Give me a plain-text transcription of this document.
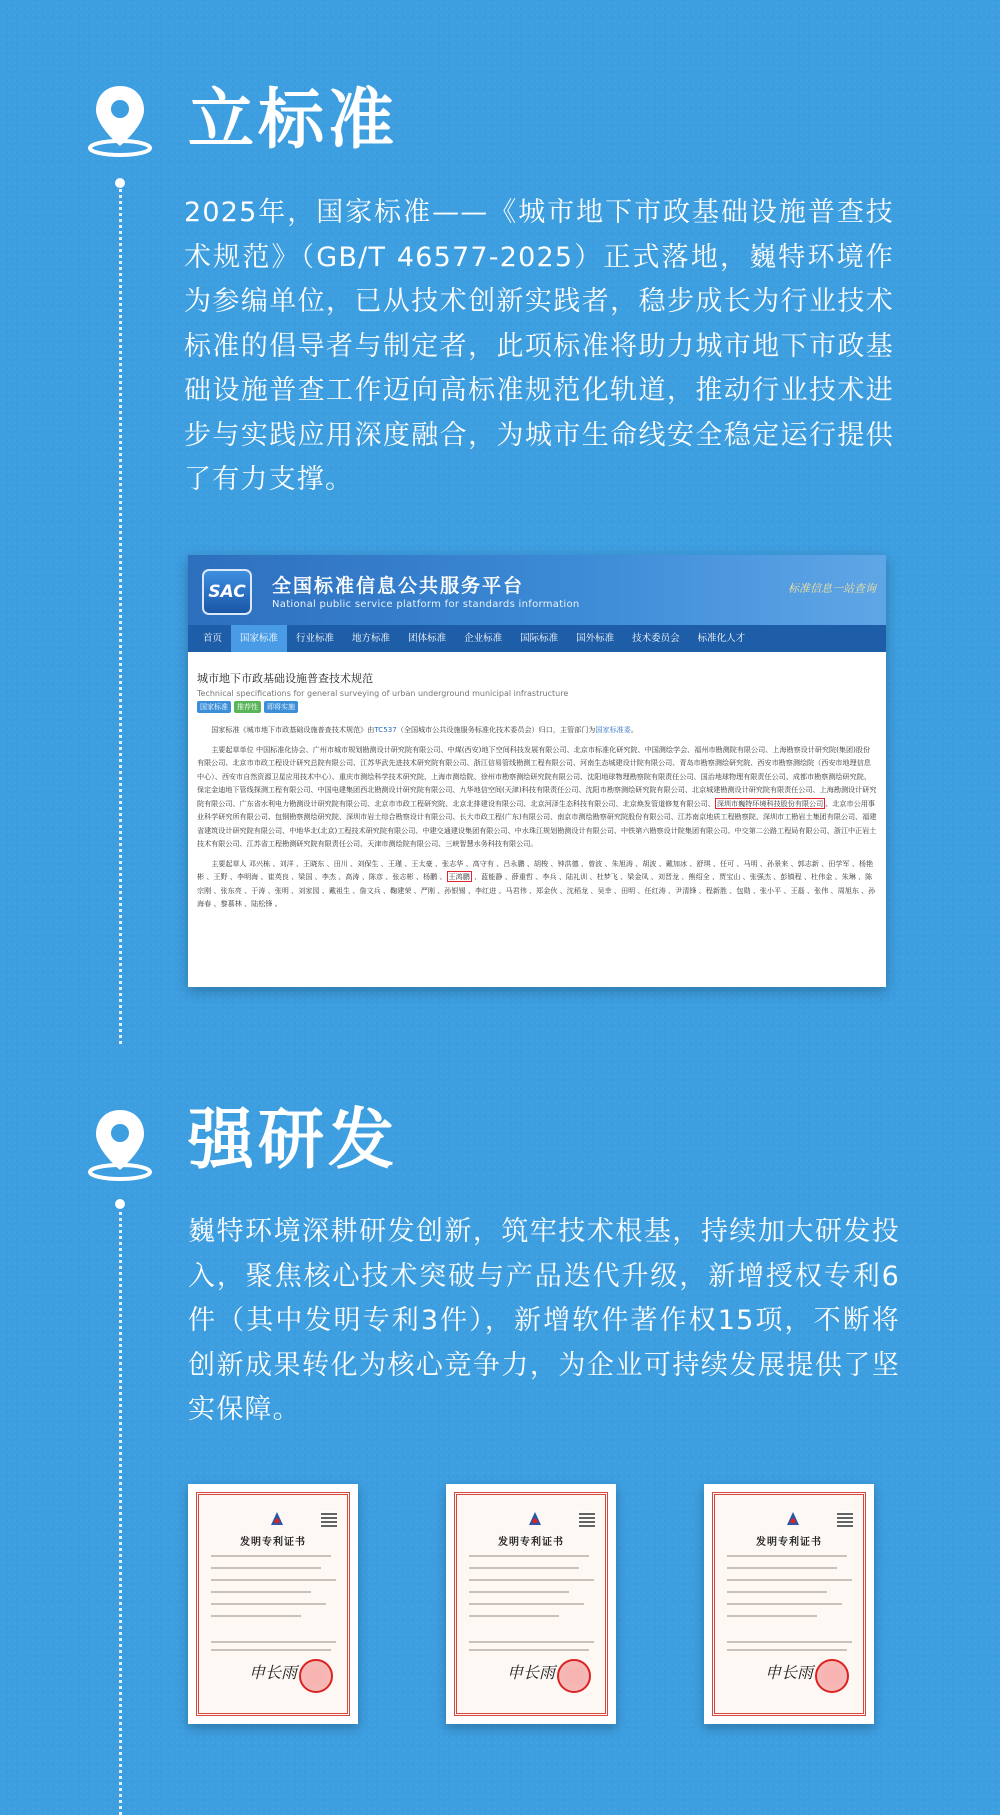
立标准

2025年，国家标准——《城市地下市政基础设施普查技术规范》（GB/T 46577-2025）正式落地，巍特环境作为参编单位，已从技术创新实践者，稳步成长为行业技术标准的倡导者与制定者，此项标准将助力城市地下市政基础设施普查工作迈向高标准规范化轨道，推动行业技术进步与实践应用深度融合，为城市生命线安全稳定运行提供了有力支撑。

SAC	全国标准信息公共服务平台
National public service platform for standards information
标准信息一站查询
首页	国家标准	行业标准	地方标准	团体标准	企业标准	国际标准	国外标准	技术委员会	标准化人才
城市地下市政基础设施普查技术规范
Technical specifications for general surveying of urban underground municipal infrastructure
国家标准	推荐性	即将实施

国家标准《城市地下市政基础设施普查技术规范》由TC537（全国城市公共设施服务标准化技术委员会）归口，主管部门为国家标准委。

主要起草单位 中国标准化协会、广州市城市规划勘测设计研究院有限公司、中煤(西安)地下空间科技发展有限公司、北京市标准化研究院、中国测绘学会、福州市勘测院有限公司、上海勘察设计研究院(集团)股份有限公司、北京市市政工程设计研究总院有限公司、江苏华武先进技术研究院有限公司、浙江信易管线勘测工程有限公司、河南生态城建设计院有限公司、青岛市勘察测绘研究院、西安市勘察测绘院（西安市地理信息中心）、西安市自然资源卫星应用技术中心）、重庆市测绘科学技术研究院、上海市测绘院、徐州市勘察测绘研究院有限公司、沈阳地球物理勘察院有限责任公司、国治地球物理有限责任公司、成都市勘察测绘研究院、保定金迪地下管线探测工程有限公司、中国电建集团西北勘测设计研究院有限公司、九华地信空间(天津)科技有限责任公司、沈阳市勘察测绘研究院有限公司、北京城建勘测设计研究院有限责任公司、上海勘测设计研究院有限公司、广东省水利电力勘测设计研究院有限公司、北京市市政工程研究院、北京北排建设有限公司、北京河泽生态科技有限公司、北京焕发管道修复有限公司、 深圳市巍特环境科技股份有限公司 、北京市公用事业科学研究所有限公司、包钢勘察测绘研究院、深圳市岩土综合勘察设计有限公司、长大市政工程(广东)有限公司、南京市测绘勘察研究院股份有限公司、江苏南京地质工程勘察院、深圳市工勘岩土集团有限公司、福建省建筑设计研究院有限公司、中地华北(北京)工程技术研究院有限公司、中建交通建设集团有限公司、中水珠江规划勘测设计有限公司、中铁第六勘察设计院集团有限公司、中交第二公路工程局有限公司、浙江中正岩土技术有限公司、江苏省工程勘测研究院有限责任公司、天津市测绘院有限公司、三峡智慧水务科技有限公司。

主要起草人 邓兴栋 、刘洋 、王晓东 、田川 、刘保生 、王瑾 、王太豪 、张志华 、高守有 、吕永鹏 、胡梭 、钟洪德 、曾波 、朱旭涛 、胡波 、戴加冰 、舒琪 、任可 、马明 、孙景来 、郭志新 、田学军 、杨艳彬 、王野 、李明海 、崔英良 、梁国 、李杰 、高涛 、陈彦 、张志彬 、杨鹏 、 王鸿鹏 、蓝能静 、薛重哲 、李兵 、陆礼训 、杜梦飞 、梁金凤 、刘晋龙 、熊绍全 、贾宝山 、张强杰 、彭镇程 、杜伟金 、朱琳 、陈宗刚 、张东亮 、于涛 、张明 、刘家园 、戴祖生 、詹文兵 、鞠建荣 、严刚 、孙银锡 、李红进 、马君伟 、郑金伙 、沈稻龙 、吴幸 、田明 、任红涛 、尹清锋 、程新胜 、包勋 、张小平 、王磊 、张伟 、周旭东 、孙海春 、黎慕林 、陆松锋 。

强研发

巍特环境深耕研发创新，筑牢技术根基，持续加大研发投入，聚焦核心技术突破与产品迭代升级，新增授权专利6件（其中发明专利3件），新增软件著作权15项，不断将创新成果转化为核心竞争力，为企业可持续发展提供了坚实保障。

发明专利证书
申长雨
发明专利证书
申长雨
发明专利证书
申长雨
